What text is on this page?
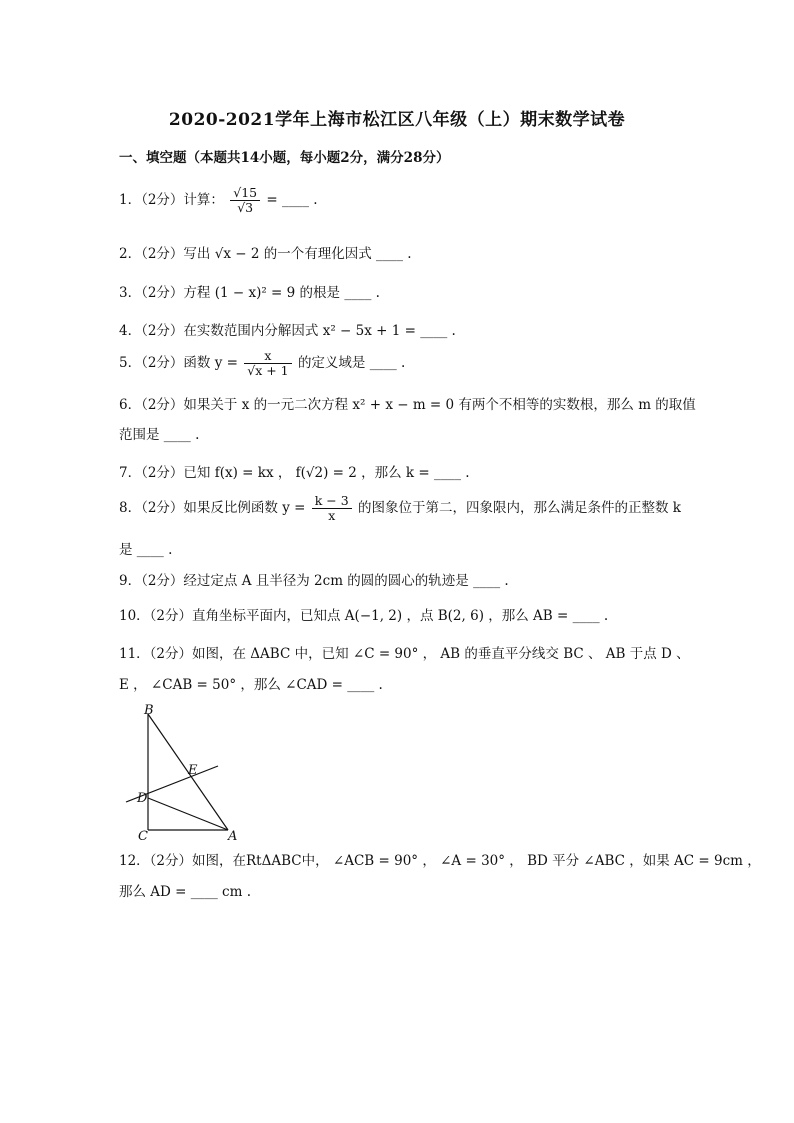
2020-2021学年上海市松江区八年级（上）期末数学试卷
一、填空题（本题共14小题，每小题2分，满分28分）
1．（2分）计算： $\frac{√15}{√3}$ = ____ .
2．（2分）写出 √x − 2 的一个有理化因式 ____ .
3．（2分）方程 (1 − x)² = 9 的根是 ____ .
4．（2分）在实数范围内分解因式 x² − 5x + 1 = ____ .
5．（2分）函数 $y = \frac{x}{√x + 1}$ 的定义域是 ____ .
6．（2分）如果关于 x 的一元二次方程 x² + x − m = 0 有两个不相等的实数根，那么 m 的取值
范围是 ____ .
7．（2分）已知 f(x) = kx ， f(√2) = 2 ，那么 k = ____ .
8．（2分）如果反比例函数 $y = \frac{k - 3}{x}$ 的图象位于第二，四象限内，那么满足条件的正整数 k
是 ____ .
9．（2分）经过定点 A 且半径为 2cm 的圆的圆心的轨迹是 ____ .
10．（2分）直角坐标平面内，已知点 A(−1, 2) ，点 B(2, 6) ，那么 AB = ____ .
11．（2分）如图，在 ΔABC 中，已知 ∠C = 90° ， AB 的垂直平分线交 BC 、 AB 于点 D 、
E ， ∠CAB = 50° ，那么 ∠CAD = ____ .
B
E
D
C	A
12．（2分）如图，在RtΔABC中， ∠ACB = 90° ， ∠A = 30° ， BD 平分 ∠ABC ，如果 AC = 9cm ，
那么 AD = ____ cm .
